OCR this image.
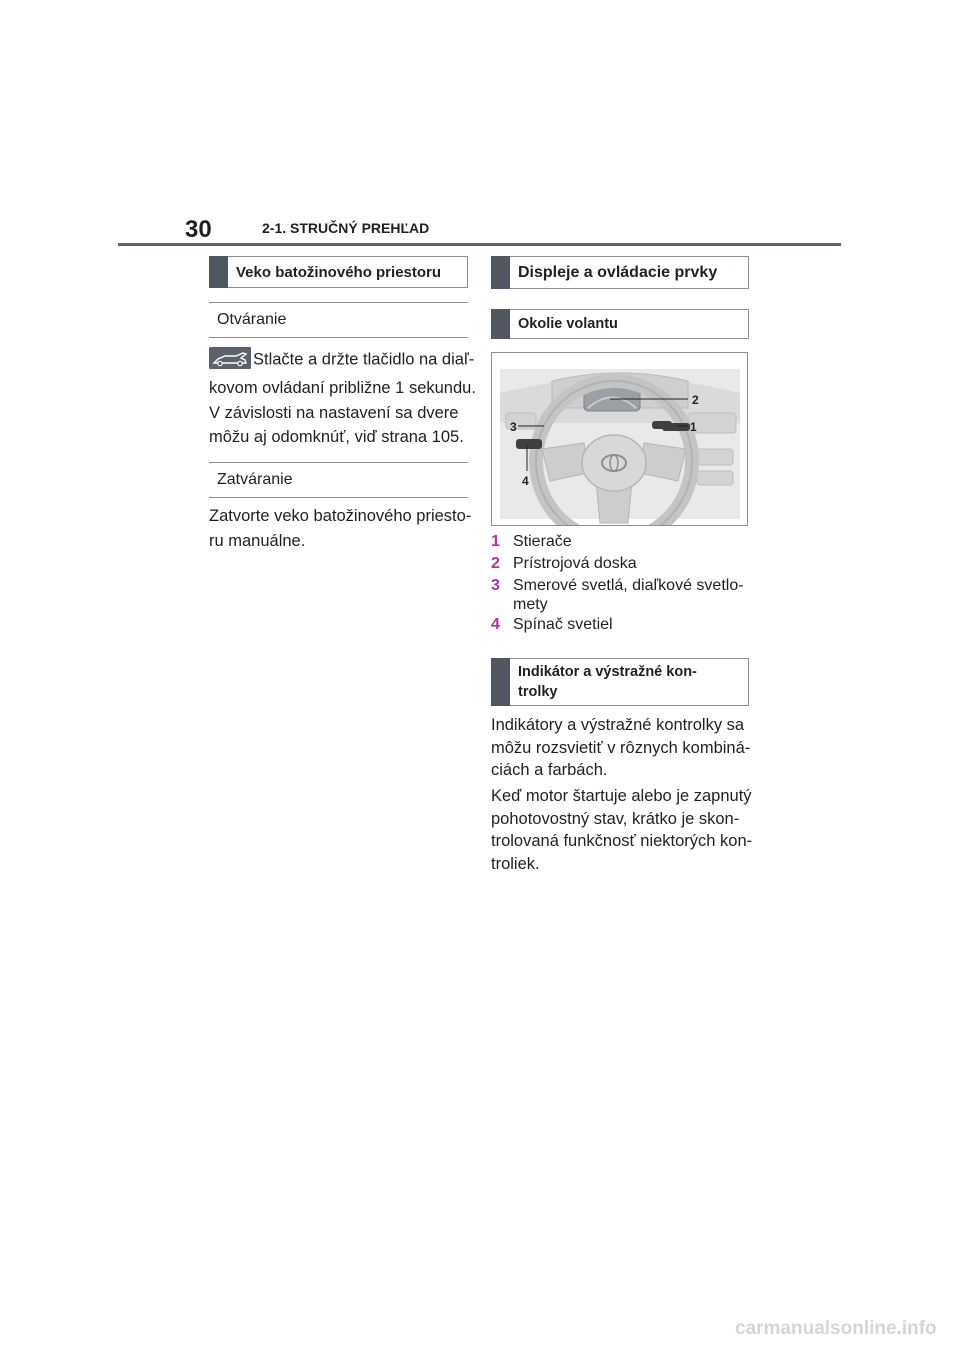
30	2-1. STRUČNÝ PREHĽAD
Veko batožinového priestoru
Otváranie
Stlačte a držte tlačidlo na diaľ-
kovom ovládaní približne 1 sekundu.
V závislosti na nastavení sa dvere
môžu aj odomknúť, viď strana 105.
Zatváranie
Zatvorte veko batožinového priesto-
ru manuálne.
Displeje a ovládacie prvky
Okolie volantu
2
1
3
4
1 Stierače
2 Prístrojová doska
3 Smerové svetlá, diaľkové svetlo-mety
4 Spínač svetiel
Indikátor a výstražné kon-
trolky
Indikátory a výstražné kontrolky sa
môžu rozsvietiť v rôznych kombiná-
ciách a farbách.
Keď motor štartuje alebo je zapnutý
pohotovostný stav, krátko je skon-
trolovaná funkčnosť niektorých kon-
troliek.
carmanualsonline.info
